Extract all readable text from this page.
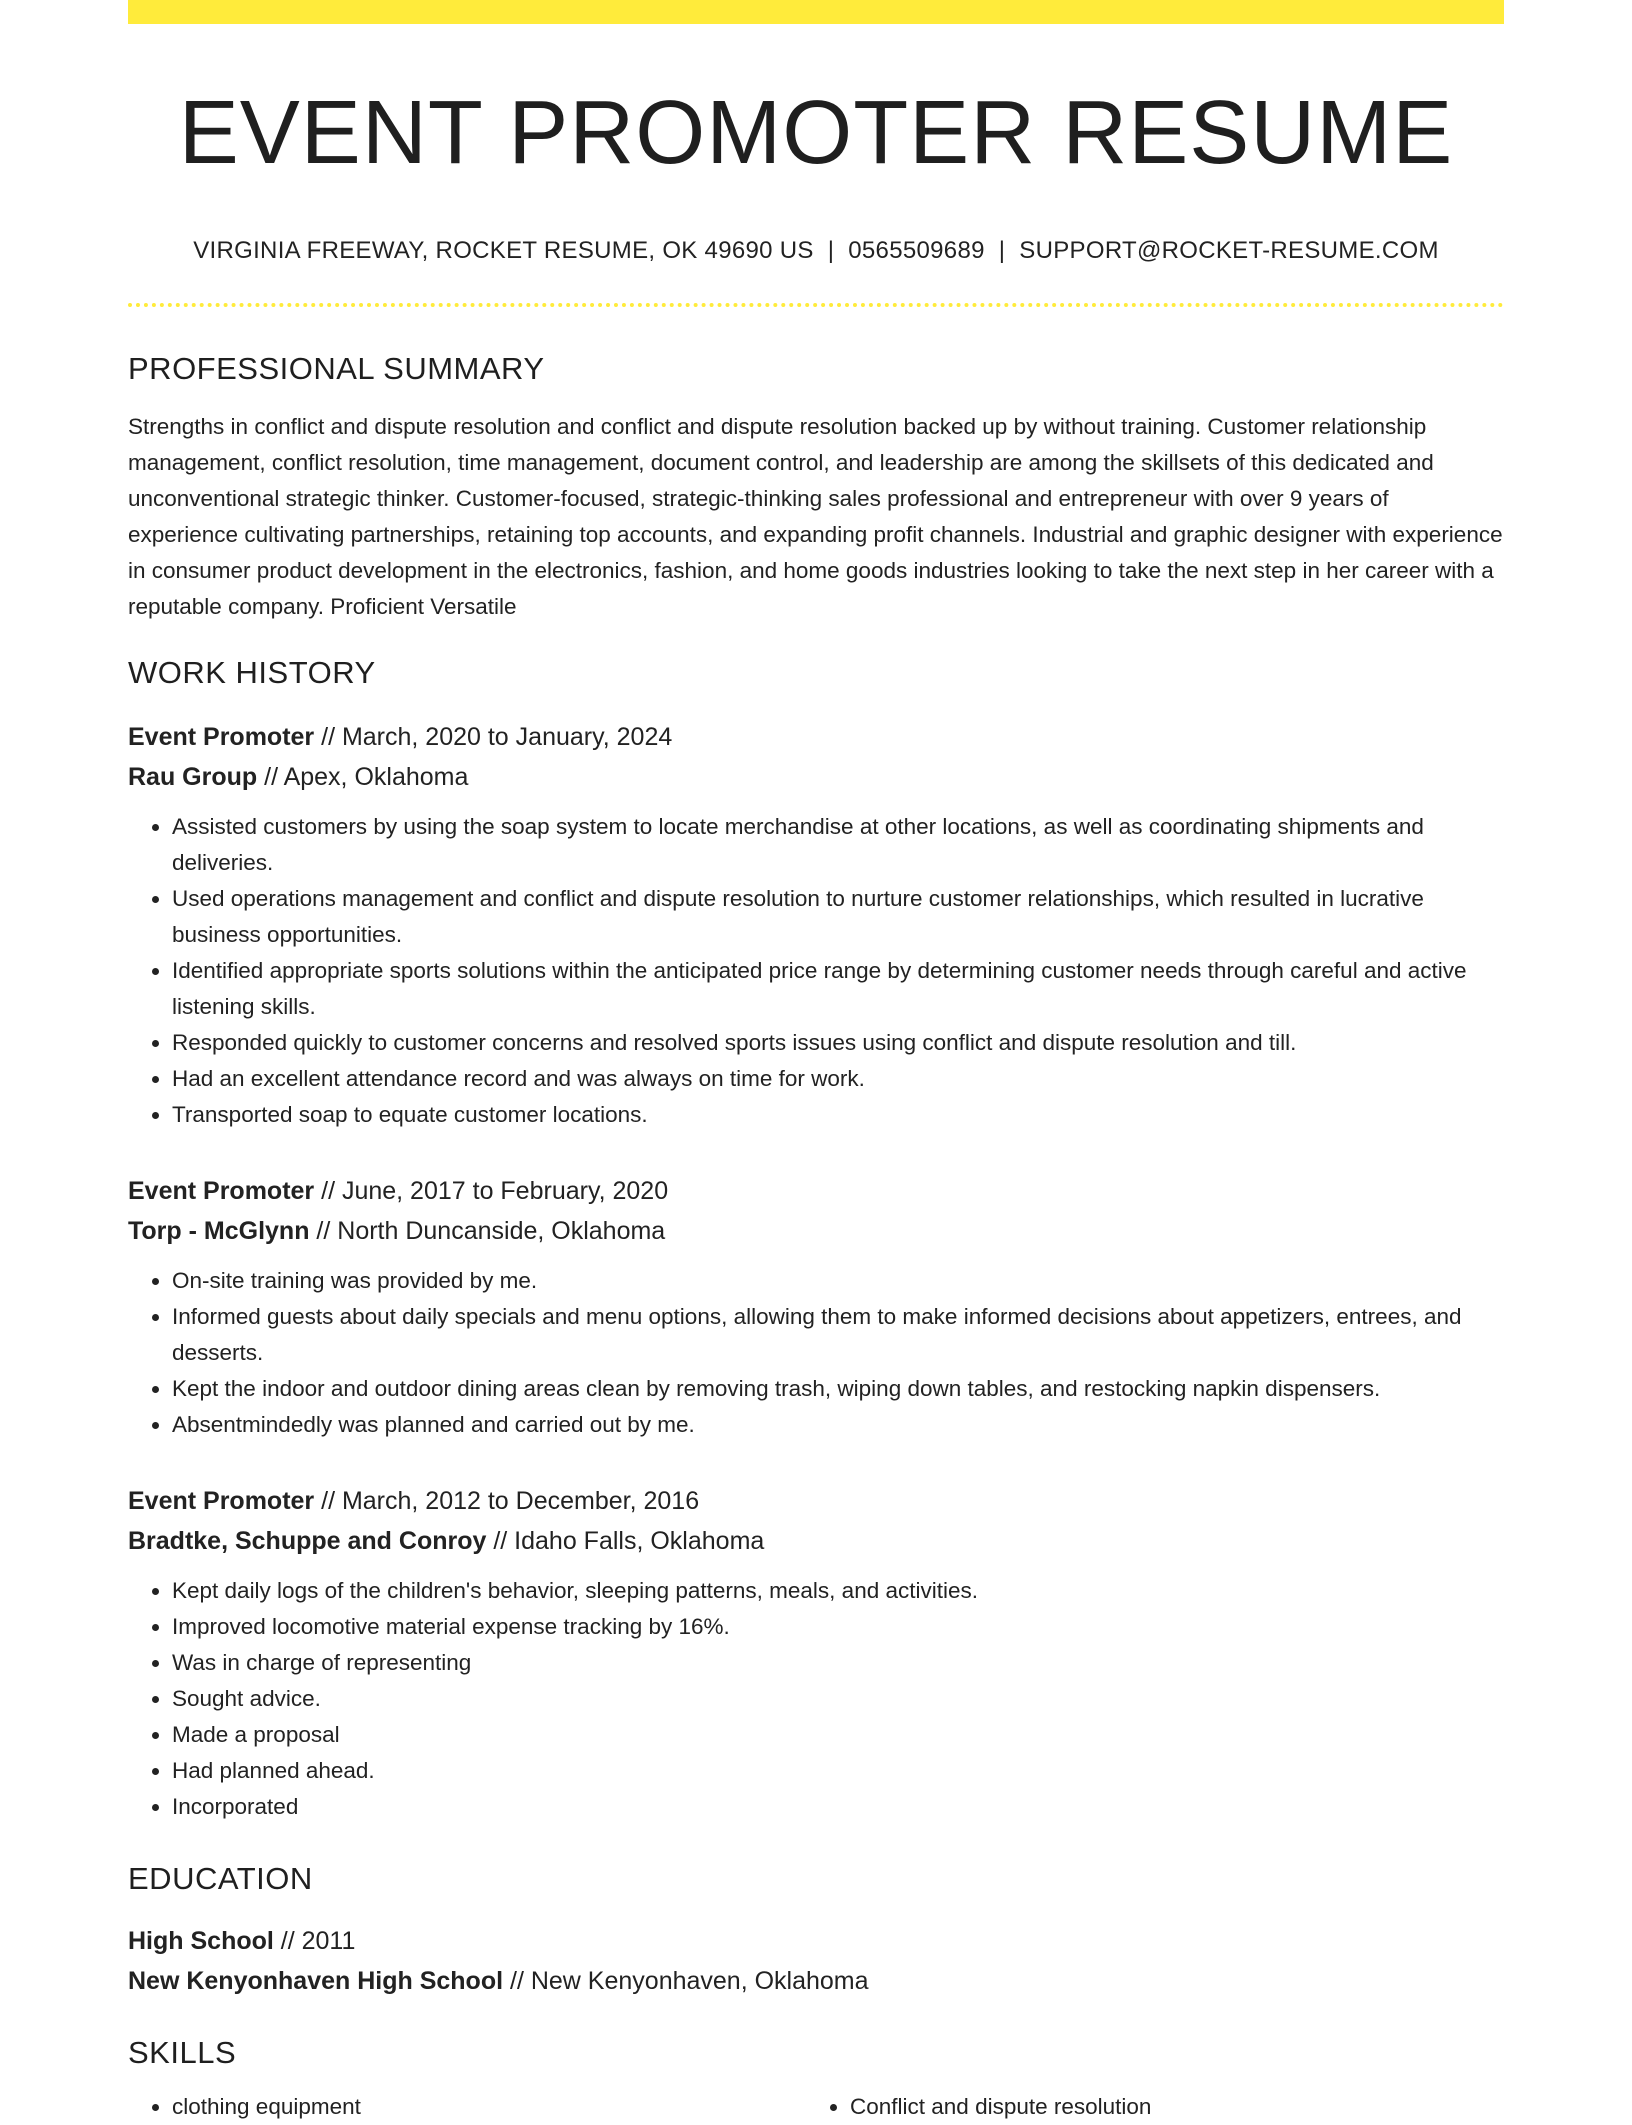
EVENT PROMOTER RESUME
VIRGINIA FREEWAY, ROCKET RESUME, OK 49690 US | 0565509689 | SUPPORT@ROCKET-RESUME.COM
PROFESSIONAL SUMMARY
Strengths in conflict and dispute resolution and conflict and dispute resolution backed up by without training. Customer relationship management, conflict resolution, time management, document control, and leadership are among the skillsets of this dedicated and unconventional strategic thinker. Customer-focused, strategic-thinking sales professional and entrepreneur with over 9 years of experience cultivating partnerships, retaining top accounts, and expanding profit channels. Industrial and graphic designer with experience in consumer product development in the electronics, fashion, and home goods industries looking to take the next step in her career with a reputable company. Proficient Versatile
WORK HISTORY
Event Promoter // March, 2020 to January, 2024
Rau Group // Apex, Oklahoma
• Assisted customers by using the soap system to locate merchandise at other locations, as well as coordinating shipments and deliveries.
• Used operations management and conflict and dispute resolution to nurture customer relationships, which resulted in lucrative business opportunities.
• Identified appropriate sports solutions within the anticipated price range by determining customer needs through careful and active listening skills.
• Responded quickly to customer concerns and resolved sports issues using conflict and dispute resolution and till.
• Had an excellent attendance record and was always on time for work.
• Transported soap to equate customer locations.
Event Promoter // June, 2017 to February, 2020
Torp - McGlynn // North Duncanside, Oklahoma
• On-site training was provided by me.
• Informed guests about daily specials and menu options, allowing them to make informed decisions about appetizers, entrees, and desserts.
• Kept the indoor and outdoor dining areas clean by removing trash, wiping down tables, and restocking napkin dispensers.
• Absentmindedly was planned and carried out by me.
Event Promoter // March, 2012 to December, 2016
Bradtke, Schuppe and Conroy // Idaho Falls, Oklahoma
• Kept daily logs of the children's behavior, sleeping patterns, meals, and activities.
• Improved locomotive material expense tracking by 16%.
• Was in charge of representing
• Sought advice.
• Made a proposal
• Had planned ahead.
• Incorporated
EDUCATION
High School // 2011
New Kenyonhaven High School // New Kenyonhaven, Oklahoma
SKILLS
• clothing equipment
•	Conflict and dispute resolution
